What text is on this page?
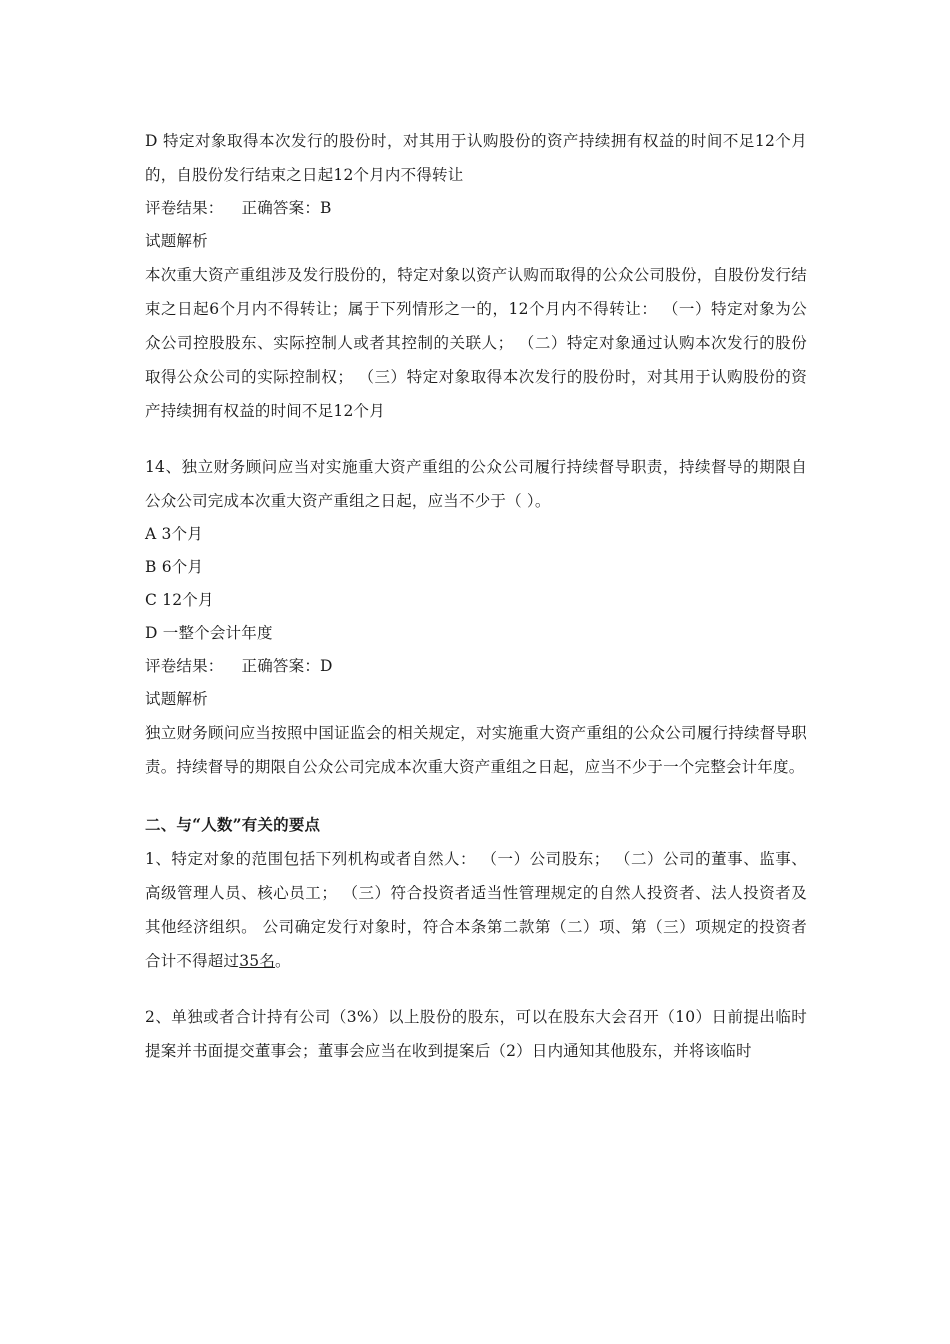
D 特定对象取得本次发行的股份时，对其用于认购股份的资产持续拥有权益的时间不足12个月的，自股份发行结束之日起12个月内不得转让
评卷结果： 正确答案：B
试题解析
本次重大资产重组涉及发行股份的，特定对象以资产认购而取得的公众公司股份，自股份发行结束之日起6个月内不得转让；属于下列情形之一的，12个月内不得转让： （一）特定对象为公众公司控股股东、实际控制人或者其控制的关联人； （二）特定对象通过认购本次发行的股份取得公众公司的实际控制权； （三）特定对象取得本次发行的股份时，对其用于认购股份的资产持续拥有权益的时间不足12个月
14、独立财务顾问应当对实施重大资产重组的公众公司履行持续督导职责，持续督导的期限自公众公司完成本次重大资产重组之日起，应当不少于（ ）。
A 3个月
B 6个月
C 12个月
D 一整个会计年度
评卷结果： 正确答案：D
试题解析
独立财务顾问应当按照中国证监会的相关规定，对实施重大资产重组的公众公司履行持续督导职责。持续督导的期限自公众公司完成本次重大资产重组之日起，应当不少于一个完整会计年度。
二、与“人数”有关的要点
1、特定对象的范围包括下列机构或者自然人： （一）公司股东； （二）公司的董事、监事、高级管理人员、核心员工； （三）符合投资者适当性管理规定的自然人投资者、法人投资者及其他经济组织。 公司确定发行对象时，符合本条第二款第（二）项、第（三）项规定的投资者合计不得超过35名。
2、单独或者合计持有公司（3%）以上股份的股东，可以在股东大会召开（10）日前提出临时提案并书面提交董事会；董事会应当在收到提案后（2）日内通知其他股东，并将该临时
